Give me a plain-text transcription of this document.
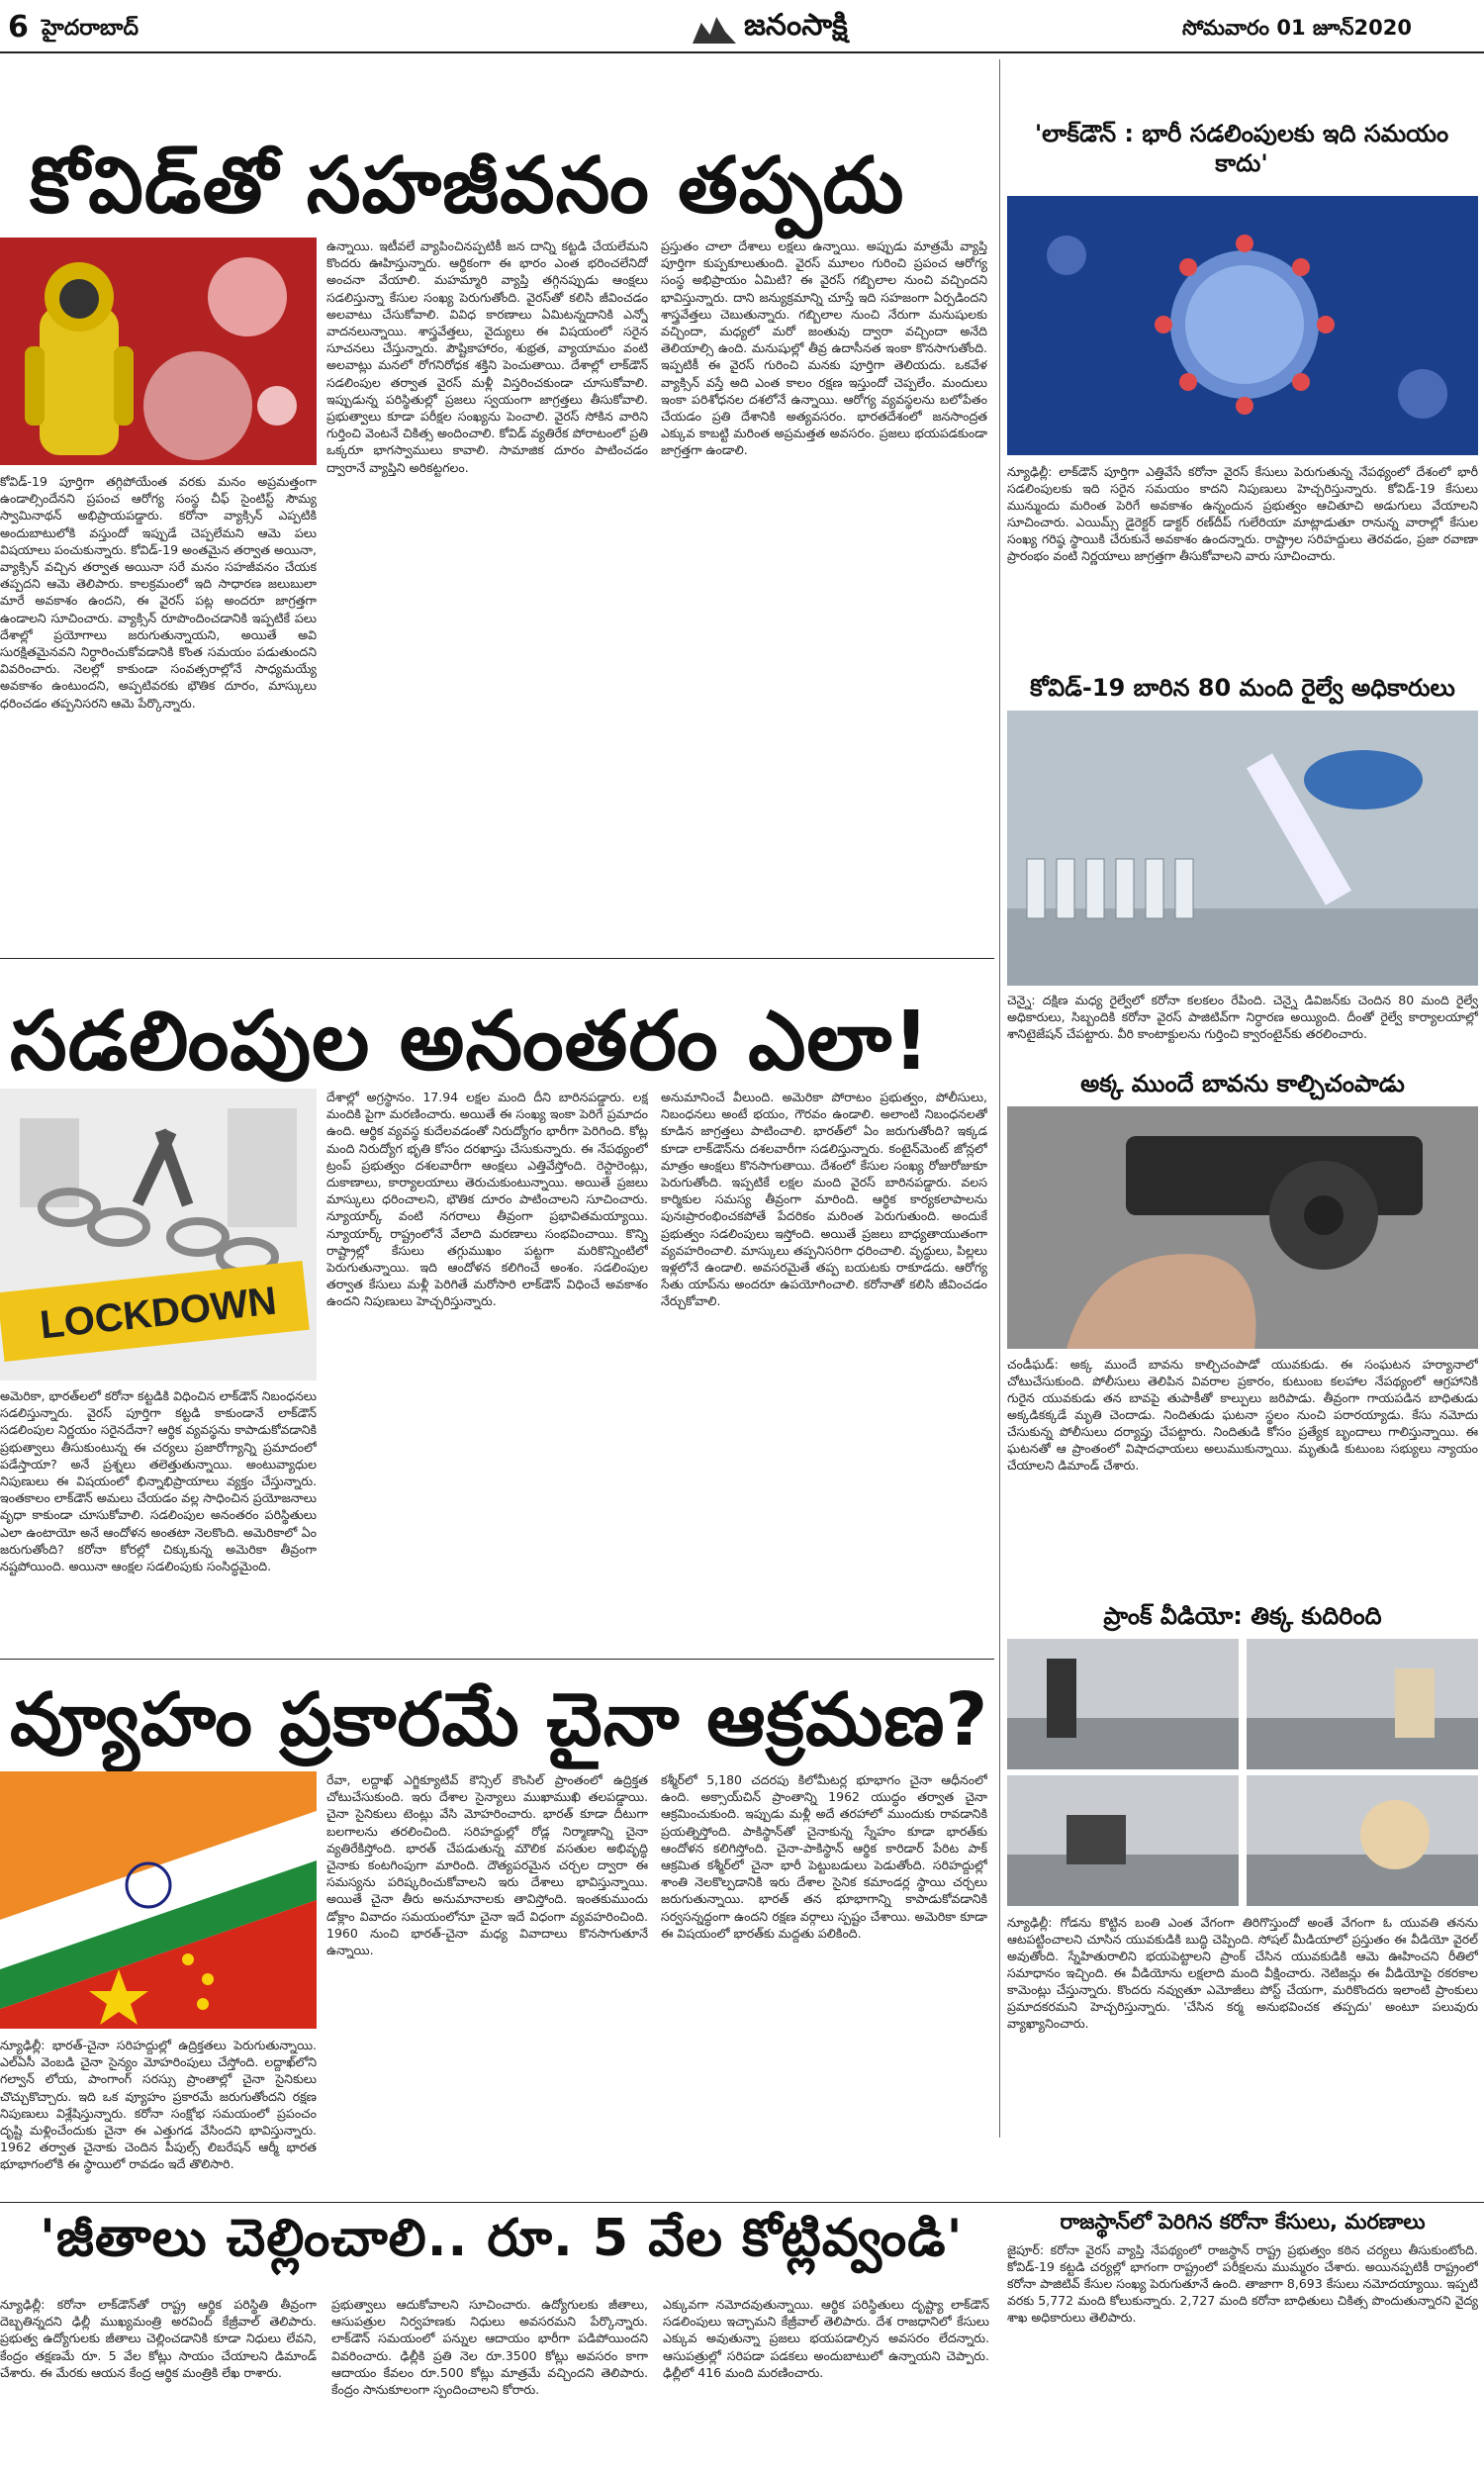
6 హైదరాబాద్	జనంసాక్షి	సోమవారం 01 జూన్2020
కోవిడ్‌తో సహజీవనం తప్పదు
కోవిడ్‌-19 పూర్తిగా తగ్గిపోయేంత వరకు మనం అప్రమత్తంగా ఉండాల్సిందేనని ప్రపంచ ఆరోగ్య సంస్థ చీఫ్‌ సైంటిస్ట్‌ సౌమ్య స్వామినాథన్‌ అభిప్రాయపడ్డారు. కరోనా వ్యాక్సిన్‌ ఎప్పటికి అందుబాటులోకి వస్తుందో ఇప్పుడే చెప్పలేమని ఆమె పలు విషయాలు పంచుకున్నారు. కోవిడ్‌-19 అంతమైన తర్వాత అయినా, వ్యాక్సిన్‌ వచ్చిన తర్వాత అయినా సరే మనం సహజీవనం చేయక తప్పదని ఆమె తెలిపారు. కాలక్రమంలో ఇది సాధారణ జలుబులా మారే అవకాశం ఉందని, ఈ వైరస్‌ పట్ల అందరూ జాగ్రత్తగా ఉండాలని సూచించారు. వ్యాక్సిన్‌ రూపొందించడానికి ఇప్పటికే పలు దేశాల్లో ప్రయోగాలు జరుగుతున్నాయని, అయితే అవి సురక్షితమైనవని నిర్ధారించుకోవడానికి కొంత సమయం పడుతుందని వివరించారు. నెలల్లో కాకుండా సంవత్సరాల్లోనే సాధ్యమయ్యే అవకాశం ఉంటుందని, అప్పటివరకు భౌతిక దూరం, మాస్కులు ధరించడం తప్పనిసరని ఆమె పేర్కొన్నారు.
ఉన్నాయి. ఇటీవలే వ్యాపించినప్పటికీ జన దాన్ని కట్టడి చేయలేమని కొందరు ఊహిస్తున్నారు. ఆర్థికంగా ఈ భారం ఎంత భరించలేనిదో అంచనా వేయాలి. మహమ్మారి వ్యాప్తి తగ్గినప్పుడు ఆంక్షలు సడలిస్తున్నా కేసుల సంఖ్య పెరుగుతోంది. వైరస్‌తో కలిసి జీవించడం అలవాటు చేసుకోవాలి. వివిధ కారణాలు ఏమిటన్నదానికి ఎన్నో వాదనలున్నాయి. శాస్త్రవేత్తలు, వైద్యులు ఈ విషయంలో సరైన సూచనలు చేస్తున్నారు. పౌష్టికాహారం, శుభ్రత, వ్యాయామం వంటి అలవాట్లు మనలో రోగనిరోధక శక్తిని పెంచుతాయి. దేశాల్లో లాక్‌డౌన్‌ సడలింపుల తర్వాత వైరస్‌ మళ్లీ విస్తరించకుండా చూసుకోవాలి. ఇప్పుడున్న పరిస్థితుల్లో ప్రజలు స్వయంగా జాగ్రత్తలు తీసుకోవాలి. ప్రభుత్వాలు కూడా పరీక్షల సంఖ్యను పెంచాలి. వైరస్‌ సోకిన వారిని గుర్తించి వెంటనే చికిత్స అందించాలి. కోవిడ్‌ వ్యతిరేక పోరాటంలో ప్రతి ఒక్కరూ భాగస్వాములు కావాలి. సామాజిక దూరం పాటించడం ద్వారానే వ్యాప్తిని అరికట్టగలం.
ప్రస్తుతం చాలా దేశాలు లక్షలు ఉన్నాయి. అప్పుడు మాత్రమే వ్యాప్తి పూర్తిగా కుప్పకూలుతుంది. వైరస్‌ మూలం గురించి ప్రపంచ ఆరోగ్య సంస్థ అభిప్రాయం ఏమిటి? ఈ వైరస్‌ గబ్బిలాల నుంచి వచ్చిందని భావిస్తున్నారు. దాని జన్యుక్రమాన్ని చూస్తే ఇది సహజంగా ఏర్పడిందని శాస్త్రవేత్తలు చెబుతున్నారు. గబ్బిలాల నుంచి నేరుగా మనుషులకు వచ్చిందా, మధ్యలో మరో జంతువు ద్వారా వచ్చిందా అనేది తెలియాల్సి ఉంది. మనుషుల్లో తీవ్ర ఉదాసీనత ఇంకా కొనసాగుతోంది. ఇప్పటికీ ఈ వైరస్‌ గురించి మనకు పూర్తిగా తెలియదు. ఒకవేళ వ్యాక్సిన్‌ వస్తే అది ఎంత కాలం రక్షణ ఇస్తుందో చెప్పలేం. మందులు ఇంకా పరిశోధనల దశలోనే ఉన్నాయి. ఆరోగ్య వ్యవస్థలను బలోపేతం చేయడం ప్రతి దేశానికి అత్యవసరం. భారతదేశంలో జనసాంద్రత ఎక్కువ కాబట్టి మరింత అప్రమత్తత అవసరం. ప్రజలు భయపడకుండా జాగ్రత్తగా ఉండాలి.
సడలింపుల అనంతరం ఎలా!
LOCKDOWN
అమెరికా, భారత్‌లలో కరోనా కట్టడికి విధించిన లాక్‌డౌన్‌ నిబంధనలు సడలిస్తున్నారు. వైరస్‌ పూర్తిగా కట్టడి కాకుండానే లాక్‌డౌన్‌ సడలింపుల నిర్ణయం సరైనదేనా? ఆర్థిక వ్యవస్థను కాపాడుకోవడానికి ప్రభుత్వాలు తీసుకుంటున్న ఈ చర్యలు ప్రజారోగ్యాన్ని ప్రమాదంలో పడేస్తాయా? అనే ప్రశ్నలు తలెత్తుతున్నాయి. అంటువ్యాధుల నిపుణులు ఈ విషయంలో భిన్నాభిప్రాయాలు వ్యక్తం చేస్తున్నారు. ఇంతకాలం లాక్‌డౌన్‌ అమలు చేయడం వల్ల సాధించిన ప్రయోజనాలు వృధా కాకుండా చూసుకోవాలి. సడలింపుల అనంతరం పరిస్థితులు ఎలా ఉంటాయో అనే ఆందోళన అంతటా నెలకొంది. అమెరికాలో ఏం జరుగుతోంది? కరోనా కోరల్లో చిక్కుకున్న అమెరికా తీవ్రంగా నష్టపోయింది. అయినా ఆంక్షల సడలింపుకు సంసిద్ధమైంది.
దేశాల్లో అగ్రస్థానం. 17.94 లక్షల మంది దీని బారినపడ్డారు. లక్ష మందికి పైగా మరణించారు. అయితే ఈ సంఖ్య ఇంకా పెరిగే ప్రమాదం ఉంది. ఆర్థిక వ్యవస్థ కుదేలవడంతో నిరుద్యోగం భారీగా పెరిగింది. కోట్ల మంది నిరుద్యోగ భృతి కోసం దరఖాస్తు చేసుకున్నారు. ఈ నేపథ్యంలో ట్రంప్‌ ప్రభుత్వం దశలవారీగా ఆంక్షలు ఎత్తివేస్తోంది. రెస్టారెంట్లు, దుకాణాలు, కార్యాలయాలు తెరుచుకుంటున్నాయి. అయితే ప్రజలు మాస్కులు ధరించాలని, భౌతిక దూరం పాటించాలని సూచించారు. న్యూయార్క్‌ వంటి నగరాలు తీవ్రంగా ప్రభావితమయ్యాయి. న్యూయార్క్‌ రాష్ట్రంలోనే వేలాది మరణాలు సంభవించాయి. కొన్ని రాష్ట్రాల్లో కేసులు తగ్గుముఖం పట్టగా మరికొన్నింటిలో పెరుగుతున్నాయి. ఇది ఆందోళన కలిగించే అంశం. సడలింపుల తర్వాత కేసులు మళ్లీ పెరిగితే మరోసారి లాక్‌డౌన్‌ విధించే అవకాశం ఉందని నిపుణులు హెచ్చరిస్తున్నారు.
అనుమానించే వీలుంది. అమెరికా పోరాటం ప్రభుత్వం, పోలీసులు, నిబంధనలు అంటే భయం, గౌరవం ఉండాలి. అలాంటి నిబంధనలతో కూడిన జాగ్రత్తలు పాటించాలి. భారత్‌లో ఏం జరుగుతోంది? ఇక్కడ కూడా లాక్‌డౌన్‌ను దశలవారీగా సడలిస్తున్నారు. కంటైన్‌మెంట్‌ జోన్లలో మాత్రం ఆంక్షలు కొనసాగుతాయి. దేశంలో కేసుల సంఖ్య రోజురోజుకూ పెరుగుతోంది. ఇప్పటికే లక్షల మంది వైరస్‌ బారినపడ్డారు. వలస కార్మికుల సమస్య తీవ్రంగా మారింది. ఆర్థిక కార్యకలాపాలను పునఃప్రారంభించకపోతే పేదరికం మరింత పెరుగుతుంది. అందుకే ప్రభుత్వం సడలింపులు ఇస్తోంది. అయితే ప్రజలు బాధ్యతాయుతంగా వ్యవహరించాలి. మాస్కులు తప్పనిసరిగా ధరించాలి. వృద్ధులు, పిల్లలు ఇళ్లలోనే ఉండాలి. అవసరమైతే తప్ప బయటకు రాకూడదు. ఆరోగ్య సేతు యాప్‌ను అందరూ ఉపయోగించాలి. కరోనాతో కలిసి జీవించడం నేర్చుకోవాలి.
వ్యూహం ప్రకారమే చైనా ఆక్రమణ?
న్యూఢిల్లీ: భారత్‌-చైనా సరిహద్దుల్లో ఉద్రిక్తతలు పెరుగుతున్నాయి. ఎల్‌ఏసీ వెంబడి చైనా సైన్యం మోహరింపులు చేస్తోంది. లద్దాఖ్‌లోని గల్వాన్‌ లోయ, పాంగాంగ్‌ సరస్సు ప్రాంతాల్లో చైనా సైనికులు చొచ్చుకొచ్చారు. ఇది ఒక వ్యూహం ప్రకారమే జరుగుతోందని రక్షణ నిపుణులు విశ్లేషిస్తున్నారు. కరోనా సంక్షోభ సమయంలో ప్రపంచం దృష్టి మళ్లించేందుకు చైనా ఈ ఎత్తుగడ వేసిందని భావిస్తున్నారు. 1962 తర్వాత చైనాకు చెందిన పీపుల్స్‌ లిబరేషన్‌ ఆర్మీ భారత భూభాగంలోకి ఈ స్థాయిలో రావడం ఇదే తొలిసారి.
రేవా, లద్దాఖ్‌ ఎగ్జిక్యూటివ్‌ కౌన్సిల్‌ కౌంసిల్‌ ప్రాంతంలో ఉద్రిక్తత చోటుచేసుకుంది. ఇరు దేశాల సైన్యాలు ముఖాముఖి తలపడ్డాయి. చైనా సైనికులు టెంట్లు వేసి మోహరించారు. భారత్‌ కూడా దీటుగా బలగాలను తరలించింది. సరిహద్దుల్లో రోడ్ల నిర్మాణాన్ని చైనా వ్యతిరేకిస్తోంది. భారత్‌ చేపడుతున్న మౌలిక వసతుల అభివృద్ధి చైనాకు కంటగింపుగా మారింది. దౌత్యపరమైన చర్చల ద్వారా ఈ సమస్యను పరిష్కరించుకోవాలని ఇరు దేశాలు భావిస్తున్నాయి. అయితే చైనా తీరు అనుమానాలకు తావిస్తోంది. ఇంతకుముందు డోక్లాం వివాదం సమయంలోనూ చైనా ఇదే విధంగా వ్యవహరించింది. 1960 నుంచి భారత్‌-చైనా మధ్య వివాదాలు కొనసాగుతూనే ఉన్నాయి.
కశ్మీర్‌లో 5,180 చదరపు కిలోమీటర్ల భూభాగం చైనా ఆధీనంలో ఉంది. అక్సాయ్‌చిన్‌ ప్రాంతాన్ని 1962 యుద్ధం తర్వాత చైనా ఆక్రమించుకుంది. ఇప్పుడు మళ్లీ అదే తరహాలో ముందుకు రావడానికి ప్రయత్నిస్తోంది. పాకిస్థాన్‌తో చైనాకున్న స్నేహం కూడా భారత్‌కు ఆందోళన కలిగిస్తోంది. చైనా-పాకిస్థాన్‌ ఆర్థిక కారిడార్‌ పేరిట పాక్‌ ఆక్రమిత కశ్మీర్‌లో చైనా భారీ పెట్టుబడులు పెడుతోంది. సరిహద్దుల్లో శాంతి నెలకొల్పడానికి ఇరు దేశాల సైనిక కమాండర్ల స్థాయి చర్చలు జరుగుతున్నాయి. భారత్‌ తన భూభాగాన్ని కాపాడుకోవడానికి సర్వసన్నద్ధంగా ఉందని రక్షణ వర్గాలు స్పష్టం చేశాయి. అమెరికా కూడా ఈ విషయంలో భారత్‌కు మద్దతు పలికింది.
'జీతాలు చెల్లించాలి.. రూ. 5 వేల కోట్లివ్వండి'
న్యూఢిల్లీ: కరోనా లాక్‌డౌన్‌తో రాష్ట్ర ఆర్థిక పరిస్థితి తీవ్రంగా దెబ్బతిన్నదని ఢిల్లీ ముఖ్యమంత్రి అరవింద్‌ కేజ్రీవాల్‌ తెలిపారు. ప్రభుత్వ ఉద్యోగులకు జీతాలు చెల్లించడానికి కూడా నిధులు లేవని, కేంద్రం తక్షణమే రూ. 5 వేల కోట్లు సాయం చేయాలని డిమాండ్‌ చేశారు. ఈ మేరకు ఆయన కేంద్ర ఆర్థిక మంత్రికి లేఖ రాశారు.
ప్రభుత్వాలు ఆదుకోవాలని సూచించారు. ఉద్యోగులకు జీతాలు, ఆసుపత్రుల నిర్వహణకు నిధులు అవసరమని పేర్కొన్నారు. లాక్‌డౌన్‌ సమయంలో పన్నుల ఆదాయం భారీగా పడిపోయిందని వివరించారు. ఢిల్లీకి ప్రతి నెల రూ.3500 కోట్లు అవసరం కాగా ఆదాయం కేవలం రూ.500 కోట్లు మాత్రమే వచ్చిందని తెలిపారు. కేంద్రం సానుకూలంగా స్పందించాలని కోరారు.
ఎక్కువగా నమోదవుతున్నాయి. ఆర్థిక పరిస్థితులు దృష్ట్యా లాక్‌డౌన్‌ సడలింపులు ఇచ్చామని కేజ్రీవాల్‌ తెలిపారు. దేశ రాజధానిలో కేసులు ఎక్కువ అవుతున్నా ప్రజలు భయపడాల్సిన అవసరం లేదన్నారు. ఆసుపత్రుల్లో సరిపడా పడకలు అందుబాటులో ఉన్నాయని చెప్పారు. ఢిల్లీలో 416 మంది మరణించారు.
'లాక్‌డౌన్‌ : భారీ సడలింపులకు ఇది సమయం కాదు'
న్యూఢిల్లీ: లాక్‌డౌన్‌ పూర్తిగా ఎత్తివేసే కరోనా వైరస్‌ కేసులు పెరుగుతున్న నేపథ్యంలో దేశంలో భారీ సడలింపులకు ఇది సరైన సమయం కాదని నిపుణులు హెచ్చరిస్తున్నారు. కోవిడ్‌-19 కేసులు మున్ముందు మరింత పెరిగే అవకాశం ఉన్నందున ప్రభుత్వం ఆచితూచి అడుగులు వేయాలని సూచించారు. ఎయిమ్స్‌ డైరెక్టర్‌ డాక్టర్‌ రణ్‌దీప్‌ గులేరియా మాట్లాడుతూ రానున్న వారాల్లో కేసుల సంఖ్య గరిష్ఠ స్థాయికి చేరుకునే అవకాశం ఉందన్నారు. రాష్ట్రాల సరిహద్దులు తెరవడం, ప్రజా రవాణా ప్రారంభం వంటి నిర్ణయాలు జాగ్రత్తగా తీసుకోవాలని వారు సూచించారు.
కోవిడ్‌-19 బారిన 80 మంది రైల్వే అధికారులు
చెన్నై: దక్షిణ మధ్య రైల్వేలో కరోనా కలకలం రేపింది. చెన్నై డివిజన్‌కు చెందిన 80 మంది రైల్వే అధికారులు, సిబ్బందికి కరోనా వైరస్‌ పాజిటివ్‌గా నిర్ధారణ అయ్యింది. దీంతో రైల్వే కార్యాలయాల్లో శానిటైజేషన్‌ చేపట్టారు. వీరి కాంటాక్టులను గుర్తించి క్వారంటైన్‌కు తరలించారు.
అక్క ముందే బావను కాల్చిచంపాడు
చండీఘడ్‌: అక్క ముందే బావను కాల్చిచంపాడో యువకుడు. ఈ సంఘటన హర్యానాలో చోటుచేసుకుంది. పోలీసులు తెలిపిన వివరాల ప్రకారం, కుటుంబ కలహాల నేపథ్యంలో ఆగ్రహానికి గురైన యువకుడు తన బావపై తుపాకీతో కాల్పులు జరిపాడు. తీవ్రంగా గాయపడిన బాధితుడు అక్కడికక్కడే మృతి చెందాడు. నిందితుడు ఘటనా స్థలం నుంచి పరారయ్యాడు. కేసు నమోదు చేసుకున్న పోలీసులు దర్యాప్తు చేపట్టారు. నిందితుడి కోసం ప్రత్యేక బృందాలు గాలిస్తున్నాయి. ఈ ఘటనతో ఆ ప్రాంతంలో విషాదఛాయలు అలుముకున్నాయి. మృతుడి కుటుంబ సభ్యులు న్యాయం చేయాలని డిమాండ్‌ చేశారు.
ప్రాంక్‌ వీడియో: తిక్క కుదిరింది
న్యూఢిల్లీ: గోడను కొట్టిన బంతి ఎంత వేగంగా తిరిగొస్తుందో అంతే వేగంగా ఓ యువతి తనను ఆటపట్టించాలని చూసిన యువకుడికి బుద్ధి చెప్పింది. సోషల్‌ మీడియాలో ప్రస్తుతం ఈ వీడియో వైరల్‌ అవుతోంది. స్నేహితురాలిని భయపెట్టాలని ప్రాంక్‌ చేసిన యువకుడికి ఆమె ఊహించని రీతిలో సమాధానం ఇచ్చింది. ఈ వీడియోను లక్షలాది మంది వీక్షించారు. నెటిజన్లు ఈ వీడియోపై రకరకాల కామెంట్లు చేస్తున్నారు. కొందరు నవ్వుతూ ఎమోజీలు పోస్ట్‌ చేయగా, మరికొందరు ఇలాంటి ప్రాంకులు ప్రమాదకరమని హెచ్చరిస్తున్నారు. 'చేసిన కర్మ అనుభవించక తప్పదు' అంటూ పలువురు వ్యాఖ్యానించారు.
రాజస్థాన్‌లో పెరిగిన కరోనా కేసులు, మరణాలు
జైపూర్‌: కరోనా వైరస్‌ వ్యాప్తి నేపథ్యంలో రాజస్థాన్‌ రాష్ట్ర ప్రభుత్వం కఠిన చర్యలు తీసుకుంటోంది. కోవిడ్‌-19 కట్టడి చర్యల్లో భాగంగా రాష్ట్రంలో పరీక్షలను ముమ్మరం చేశారు. అయినప్పటికీ రాష్ట్రంలో కరోనా పాజిటివ్‌ కేసుల సంఖ్య పెరుగుతూనే ఉంది. తాజాగా 8,693 కేసులు నమోదయ్యాయి. ఇప్పటి వరకు 5,772 మంది కోలుకున్నారు. 2,727 మంది కరోనా బాధితులు చికిత్స పొందుతున్నారని వైద్య శాఖ అధికారులు తెలిపారు.
